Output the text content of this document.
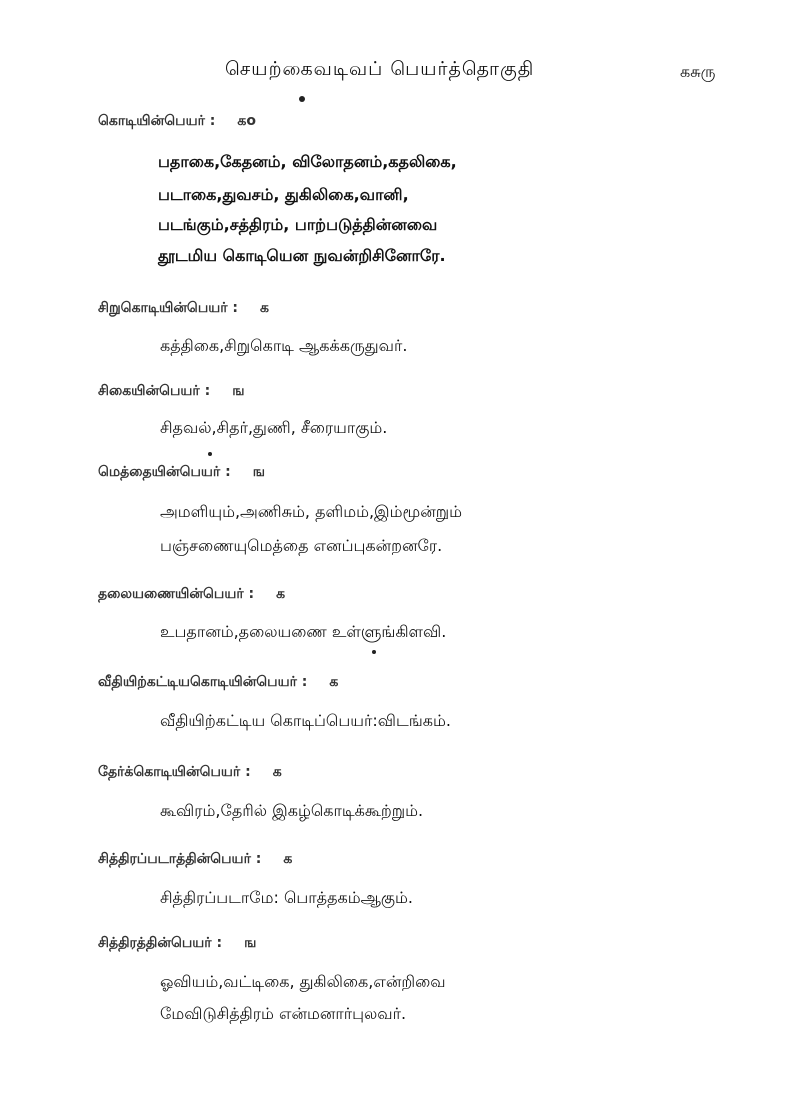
செயற்கைவடிவப் பெயர்த்தொகுதி	கசுரு
கொடியின்பெயர் : கo
பதாகை,கேதனம், விலோதனம்,கதலிகை,
படாகை,துவசம், துகிலிகை,வானி,
படங்கும்,சத்திரம், பாற்படுத்தின்னவை
தூடமிய கொடியென நுவன்றிசினோரே.
சிறுகொடியின்பெயர் : க
கத்திகை,சிறுகொடி ஆகக்கருதுவர்.
சிகையின்பெயர் : ங
சிதவல்,சிதர்,துணி, சீரையாகும்.
மெத்தையின்பெயர் : ங
அமளியும்,அணிசும், தளிமம்,இம்மூன்றும்
பஞ்சணையுமெத்தை எனப்புகன்றனரே.
தலையணையின்பெயர் : க
உபதானம்,தலையணை உள்ளுங்கிளவி.
வீதியிற்கட்டியகொடியின்பெயர் : க
வீதியிற்கட்டிய கொடிப்பெயர்:விடங்கம்.
தேர்க்கொடியின்பெயர் : க
கூவிரம்,தேரில் இகழ்கொடிக்கூற்றும்.
சித்திரப்படாத்தின்பெயர் : க
சித்திரப்படாமே: பொத்தகம்ஆகும்.
சித்திரத்தின்பெயர் : ங
ஓவியம்,வட்டிகை, துகிலிகை,என்றிவை
மேவிடுசித்திரம் என்மனார்புலவர்.
